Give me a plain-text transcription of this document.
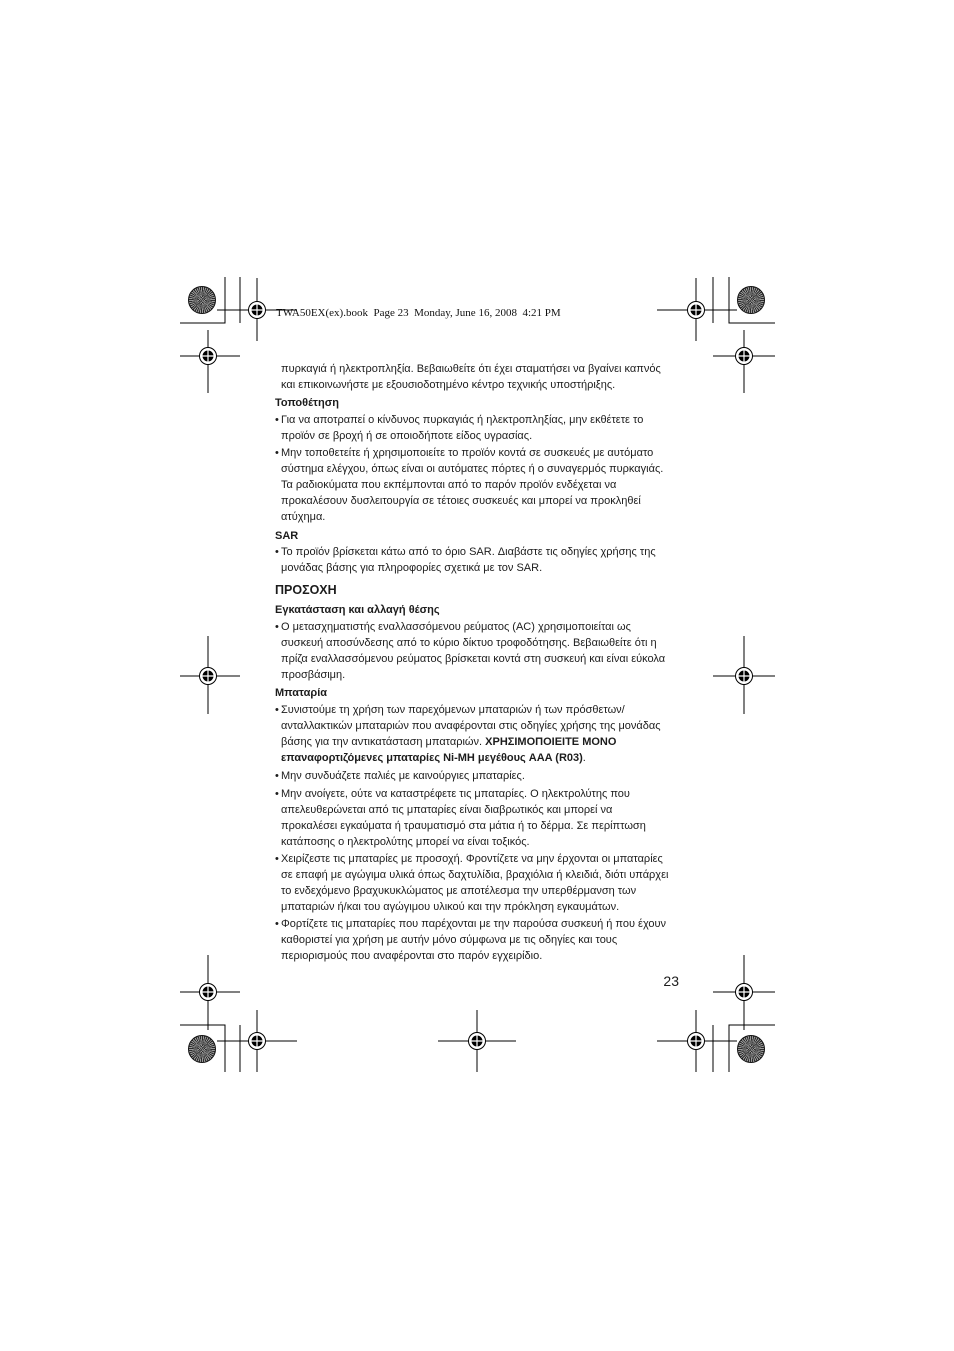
TWA50EX(ex).book  Page 23  Monday, June 16, 2008  4:21 PM
πυρκαγιά ή ηλεκτροπληξία. Βεβαιωθείτε ότι έχει σταματήσει να βγαίνει καπνός
και επικοινωνήστε με εξουσιοδοτημένο κέντρο τεχνικής υποστήριξης.
Τοποθέτηση
• Για να αποτραπεί ο κίνδυνος πυρκαγιάς ή ηλεκτροπληξίας, μην εκθέτετε το
προϊόν σε βροχή ή σε οποιοδήποτε είδος υγρασίας.
• Μην τοποθετείτε ή χρησιμοποιείτε το προϊόν κοντά σε συσκευές με αυτόματο
σύστημα ελέγχου, όπως είναι οι αυτόματες πόρτες ή ο συναγερμός πυρκαγιάς.
Τα ραδιοκύματα που εκπέμπονται από το παρόν προϊόν ενδέχεται να
προκαλέσουν δυσλειτουργία σε τέτοιες συσκευές και μπορεί να προκληθεί
ατύχημα.
SAR
• Το προϊόν βρίσκεται κάτω από το όριο SAR. Διαβάστε τις οδηγίες χρήσης της
μονάδας βάσης για πληροφορίες σχετικά με τον SAR.
ΠΡΟΣΟΧΗ
Εγκατάσταση και αλλαγή θέσης
• Ο μετασχηματιστής εναλλασσόμενου ρεύματος (AC) χρησιμοποιείται ως
συσκευή αποσύνδεσης από το κύριο δίκτυο τροφοδότησης. Βεβαιωθείτε ότι η
πρίζα εναλλασσόμενου ρεύματος βρίσκεται κοντά στη συσκευή και είναι εύκολα
προσβάσιμη.
Μπαταρία
• Συνιστούμε τη χρήση των παρεχόμενων μπαταριών ή των πρόσθετων/
ανταλλακτικών μπαταριών που αναφέρονται στις οδηγίες χρήσης της μονάδας
βάσης για την αντικατάσταση μπαταριών. ΧΡΗΣΙΜΟΠΟΙΕΙΤΕ ΜΟΝΟ
επαναφορτιζόμενες μπαταρίες Ni-MH μεγέθους AAA (R03).
• Μην συνδυάζετε παλιές με καινούργιες μπαταρίες.
• Μην ανοίγετε, ούτε να καταστρέφετε τις μπαταρίες. Ο ηλεκτρολύτης που
απελευθερώνεται από τις μπαταρίες είναι διαβρωτικός και μπορεί να
προκαλέσει εγκαύματα ή τραυματισμό στα μάτια ή το δέρμα. Σε περίπτωση
κατάποσης ο ηλεκτρολύτης μπορεί να είναι τοξικός.
• Χειρίζεστε τις μπαταρίες με προσοχή. Φροντίζετε να μην έρχονται οι μπαταρίες
σε επαφή με αγώγιμα υλικά όπως δαχτυλίδια, βραχιόλια ή κλειδιά, διότι υπάρχει
το ενδεχόμενο βραχυκυκλώματος με αποτέλεσμα την υπερθέρμανση των
μπαταριών ή/και του αγώγιμου υλικού και την πρόκληση εγκαυμάτων.
• Φορτίζετε τις μπαταρίες που παρέχονται με την παρούσα συσκευή ή που έχουν
καθοριστεί για χρήση με αυτήν μόνο σύμφωνα με τις οδηγίες και τους
περιορισμούς που αναφέρονται στο παρόν εγχειρίδιο.
23
